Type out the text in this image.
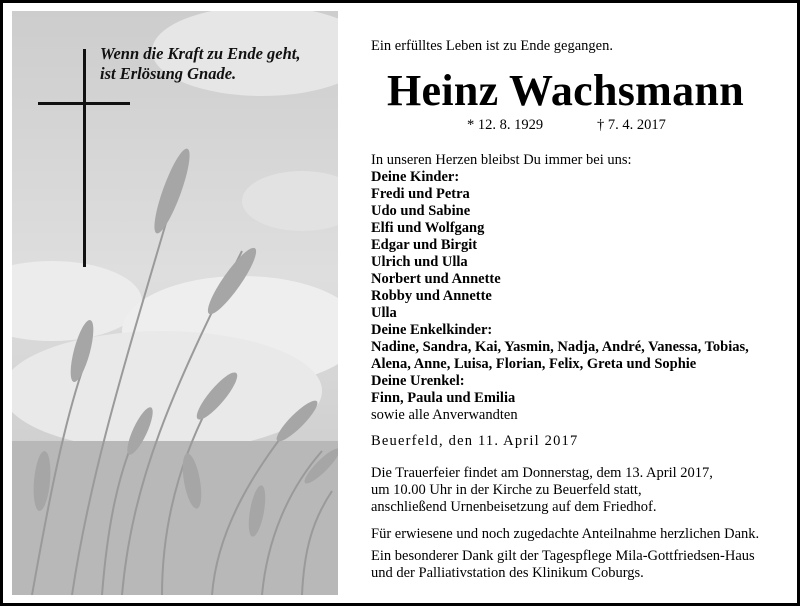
Wenn die Kraft zu Ende geht,
ist Erlösung Gnade.
Ein erfülltes Leben ist zu Ende gegangen.
Heinz Wachsmann
* 12. 8. 1929	† 7. 4. 2017
In unseren Herzen bleibst Du immer bei uns:
Deine Kinder:
Fredi und Petra
Udo und Sabine
Elfi und Wolfgang
Edgar und Birgit
Ulrich und Ulla
Norbert und Annette
Robby und Annette
Ulla
Deine Enkelkinder:
Nadine, Sandra, Kai, Yasmin, Nadja, André, Vanessa, Tobias,
Alena, Anne, Luisa, Florian, Felix, Greta und Sophie
Deine Urenkel:
Finn, Paula und Emilia
sowie alle Anverwandten
Beuerfeld, den 11. April 2017
Die Trauerfeier findet am Donnerstag, dem 13. April 2017,
um 10.00 Uhr in der Kirche zu Beuerfeld statt,
anschließend Urnenbeisetzung auf dem Friedhof.
Für erwiesene und noch zugedachte Anteilnahme herzlichen Dank.
Ein besonderer Dank gilt der Tagespflege Mila-Gottfriedsen-Haus
und der Palliativstation des Klinikum Coburgs.
